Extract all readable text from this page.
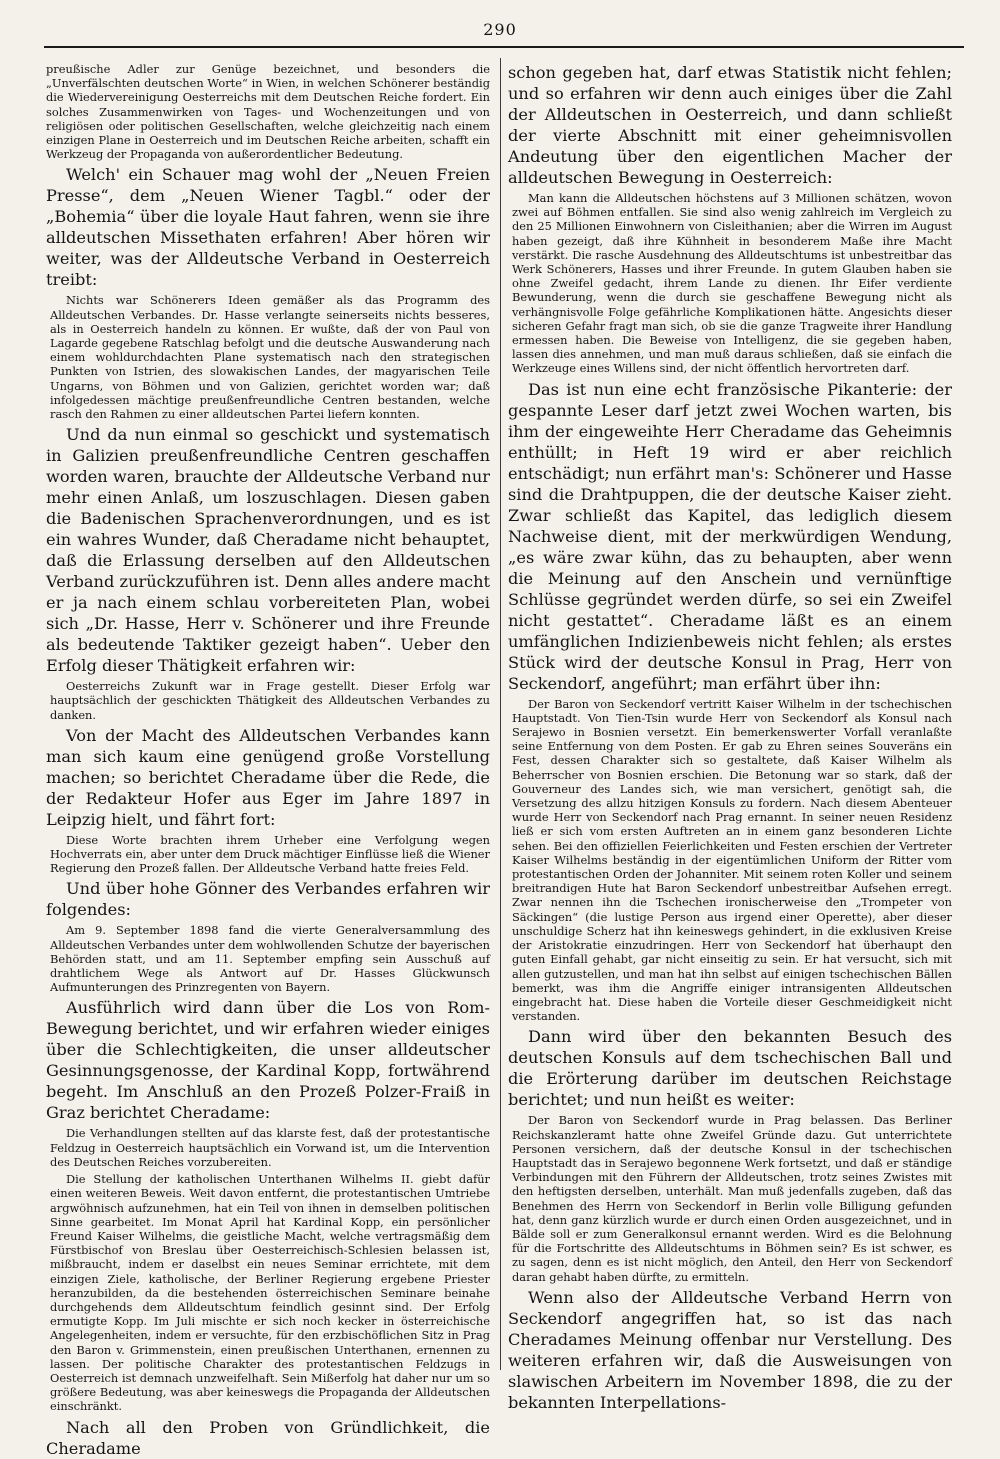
290

preußische Adler zur Genüge bezeichnet, und besonders die „Unverfälschten deutschen Worte“ in Wien, in welchen Schönerer beständig die Wiedervereinigung Oesterreichs mit dem Deutschen Reiche fordert. Ein solches Zusammenwirken von Tages- und Wochenzeitungen und von religiösen oder politischen Gesellschaften, welche gleichzeitig nach einem einzigen Plane in Oesterreich und im Deutschen Reiche arbeiten, schafft ein Werkzeug der Propaganda von außerordentlicher Bedeutung.

Welch' ein Schauer mag wohl der „Neuen Freien Presse“, dem „Neuen Wiener Tagbl.“ oder der „Bohemia“ über die loyale Haut fahren, wenn sie ihre alldeutschen Missethaten erfahren! Aber hören wir weiter, was der Alldeutsche Verband in Oesterreich treibt:

Nichts war Schönerers Ideen gemäßer als das Programm des Alldeutschen Verbandes. Dr. Hasse verlangte seinerseits nichts besseres, als in Oesterreich handeln zu können. Er wußte, daß der von Paul von Lagarde gegebene Ratschlag befolgt und die deutsche Auswanderung nach einem wohldurchdachten Plane systematisch nach den strategischen Punkten von Istrien, des slowakischen Landes, der magyarischen Teile Ungarns, von Böhmen und von Galizien, gerichtet worden war; daß infolgedessen mächtige preußenfreundliche Centren bestanden, welche rasch den Rahmen zu einer alldeutschen Partei liefern konnten.

Und da nun einmal so geschickt und systematisch in Galizien preußenfreundliche Centren geschaffen worden waren, brauchte der Alldeutsche Verband nur mehr einen Anlaß, um loszuschlagen. Diesen gaben die Badenischen Sprachenverordnungen, und es ist ein wahres Wunder, daß Cheradame nicht behauptet, daß die Erlassung derselben auf den Alldeutschen Verband zurückzuführen ist. Denn alles andere macht er ja nach einem schlau vorbereiteten Plan, wobei sich „Dr. Hasse, Herr v. Schönerer und ihre Freunde als bedeutende Taktiker gezeigt haben“. Ueber den Erfolg dieser Thätigkeit erfahren wir:

Oesterreichs Zukunft war in Frage gestellt. Dieser Erfolg war hauptsächlich der geschickten Thätigkeit des Alldeutschen Verbandes zu danken.

Von der Macht des Alldeutschen Verbandes kann man sich kaum eine genügend große Vorstellung machen; so berichtet Cheradame über die Rede, die der Redakteur Hofer aus Eger im Jahre 1897 in Leipzig hielt, und fährt fort:

Diese Worte brachten ihrem Urheber eine Verfolgung wegen Hochverrats ein, aber unter dem Druck mächtiger Einflüsse ließ die Wiener Regierung den Prozeß fallen. Der Alldeutsche Verband hatte freies Feld.

Und über hohe Gönner des Verbandes erfahren wir folgendes:

Am 9. September 1898 fand die vierte Generalversammlung des Alldeutschen Verbandes unter dem wohlwollenden Schutze der bayerischen Behörden statt, und am 11. September empfing sein Ausschuß auf drahtlichem Wege als Antwort auf Dr. Hasses Glückwunsch Aufmunterungen des Prinzregenten von Bayern.

Ausführlich wird dann über die Los von Rom-Bewegung berichtet, und wir erfahren wieder einiges über die Schlechtigkeiten, die unser alldeutscher Gesinnungsgenosse, der Kardinal Kopp, fortwährend begeht. Im Anschluß an den Prozeß Polzer-Fraiß in Graz berichtet Cheradame:

Die Verhandlungen stellten auf das klarste fest, daß der protestantische Feldzug in Oesterreich hauptsächlich ein Vorwand ist, um die Intervention des Deutschen Reiches vorzubereiten.

Die Stellung der katholischen Unterthanen Wilhelms II. giebt dafür einen weiteren Beweis. Weit davon entfernt, die protestantischen Umtriebe argwöhnisch aufzunehmen, hat ein Teil von ihnen in demselben politischen Sinne gearbeitet. Im Monat April hat Kardinal Kopp, ein persönlicher Freund Kaiser Wilhelms, die geistliche Macht, welche vertragsmäßig dem Fürstbischof von Breslau über Oesterreichisch-Schlesien belassen ist, mißbraucht, indem er daselbst ein neues Seminar errichtete, mit dem einzigen Ziele, katholische, der Berliner Regierung ergebene Priester heranzubilden, da die bestehenden österreichischen Seminare beinahe durchgehends dem Alldeutschtum feindlich gesinnt sind. Der Erfolg ermutigte Kopp. Im Juli mischte er sich noch kecker in österreichische Angelegenheiten, indem er versuchte, für den erzbischöflichen Sitz in Prag den Baron v. Grimmenstein, einen preußischen Unterthanen, ernennen zu lassen. Der politische Charakter des protestantischen Feldzugs in Oesterreich ist demnach unzweifelhaft. Sein Mißerfolg hat daher nur um so größere Bedeutung, was aber keineswegs die Propaganda der Alldeutschen einschränkt.

Nach all den Proben von Gründlichkeit, die Cheradame

schon gegeben hat, darf etwas Statistik nicht fehlen; und so erfahren wir denn auch einiges über die Zahl der Alldeutschen in Oesterreich, und dann schließt der vierte Abschnitt mit einer geheimnisvollen Andeutung über den eigentlichen Macher der alldeutschen Bewegung in Oesterreich:

Man kann die Alldeutschen höchstens auf 3 Millionen schätzen, wovon zwei auf Böhmen entfallen. Sie sind also wenig zahlreich im Vergleich zu den 25 Millionen Einwohnern von Cisleithanien; aber die Wirren im August haben gezeigt, daß ihre Kühnheit in besonderem Maße ihre Macht verstärkt. Die rasche Ausdehnung des Alldeutschtums ist unbestreitbar das Werk Schönerers, Hasses und ihrer Freunde. In gutem Glauben haben sie ohne Zweifel gedacht, ihrem Lande zu dienen. Ihr Eifer verdiente Bewunderung, wenn die durch sie geschaffene Bewegung nicht als verhängnisvolle Folge gefährliche Komplikationen hätte. Angesichts dieser sicheren Gefahr fragt man sich, ob sie die ganze Tragweite ihrer Handlung ermessen haben. Die Beweise von Intelligenz, die sie gegeben haben, lassen dies annehmen, und man muß daraus schließen, daß sie einfach die Werkzeuge eines Willens sind, der nicht öffentlich hervortreten darf.

Das ist nun eine echt französische Pikanterie: der gespannte Leser darf jetzt zwei Wochen warten, bis ihm der eingeweihte Herr Cheradame das Geheimnis enthüllt; in Heft 19 wird er aber reichlich entschädigt; nun erfährt man's: Schönerer und Hasse sind die Drahtpuppen, die der deutsche Kaiser zieht. Zwar schließt das Kapitel, das lediglich diesem Nachweise dient, mit der merkwürdigen Wendung, „es wäre zwar kühn, das zu behaupten, aber wenn die Meinung auf den Anschein und vernünftige Schlüsse gegründet werden dürfe, so sei ein Zweifel nicht gestattet“. Cheradame läßt es an einem umfänglichen Indizienbeweis nicht fehlen; als erstes Stück wird der deutsche Konsul in Prag, Herr von Seckendorf, angeführt; man erfährt über ihn:

Der Baron von Seckendorf vertritt Kaiser Wilhelm in der tschechischen Hauptstadt. Von Tien-Tsin wurde Herr von Seckendorf als Konsul nach Serajewo in Bosnien versetzt. Ein bemerkenswerter Vorfall veranlaßte seine Entfernung von dem Posten. Er gab zu Ehren seines Souveräns ein Fest, dessen Charakter sich so gestaltete, daß Kaiser Wilhelm als Beherrscher von Bosnien erschien. Die Betonung war so stark, daß der Gouverneur des Landes sich, wie man versichert, genötigt sah, die Versetzung des allzu hitzigen Konsuls zu fordern. Nach diesem Abenteuer wurde Herr von Seckendorf nach Prag ernannt. In seiner neuen Residenz ließ er sich vom ersten Auftreten an in einem ganz besonderen Lichte sehen. Bei den offiziellen Feierlichkeiten und Festen erschien der Vertreter Kaiser Wilhelms beständig in der eigentümlichen Uniform der Ritter vom protestantischen Orden der Johanniter. Mit seinem roten Koller und seinem breitrandigen Hute hat Baron Seckendorf unbestreitbar Aufsehen erregt. Zwar nennen ihn die Tschechen ironischerweise den „Trompeter von Säckingen“ (die lustige Person aus irgend einer Operette), aber dieser unschuldige Scherz hat ihn keineswegs gehindert, in die exklusiven Kreise der Aristokratie einzudringen. Herr von Seckendorf hat überhaupt den guten Einfall gehabt, gar nicht einseitig zu sein. Er hat versucht, sich mit allen gutzustellen, und man hat ihn selbst auf einigen tschechischen Bällen bemerkt, was ihm die Angriffe einiger intransigenten Alldeutschen eingebracht hat. Diese haben die Vorteile dieser Geschmeidigkeit nicht verstanden.

Dann wird über den bekannten Besuch des deutschen Konsuls auf dem tschechischen Ball und die Erörterung darüber im deutschen Reichstage berichtet; und nun heißt es weiter:

Der Baron von Seckendorf wurde in Prag belassen. Das Berliner Reichskanzleramt hatte ohne Zweifel Gründe dazu. Gut unterrichtete Personen versichern, daß der deutsche Konsul in der tschechischen Hauptstadt das in Serajewo begonnene Werk fortsetzt, und daß er ständige Verbindungen mit den Führern der Alldeutschen, trotz seines Zwistes mit den heftigsten derselben, unterhält. Man muß jedenfalls zugeben, daß das Benehmen des Herrn von Seckendorf in Berlin volle Billigung gefunden hat, denn ganz kürzlich wurde er durch einen Orden ausgezeichnet, und in Bälde soll er zum Generalkonsul ernannt werden. Wird es die Belohnung für die Fortschritte des Alldeutschtums in Böhmen sein? Es ist schwer, es zu sagen, denn es ist nicht möglich, den Anteil, den Herr von Seckendorf daran gehabt haben dürfte, zu ermitteln.

Wenn also der Alldeutsche Verband Herrn von Seckendorf angegriffen hat, so ist das nach Cheradames Meinung offenbar nur Verstellung. Des weiteren erfahren wir, daß die Ausweisungen von slawischen Arbeitern im November 1898, die zu der bekannten Interpellations-
